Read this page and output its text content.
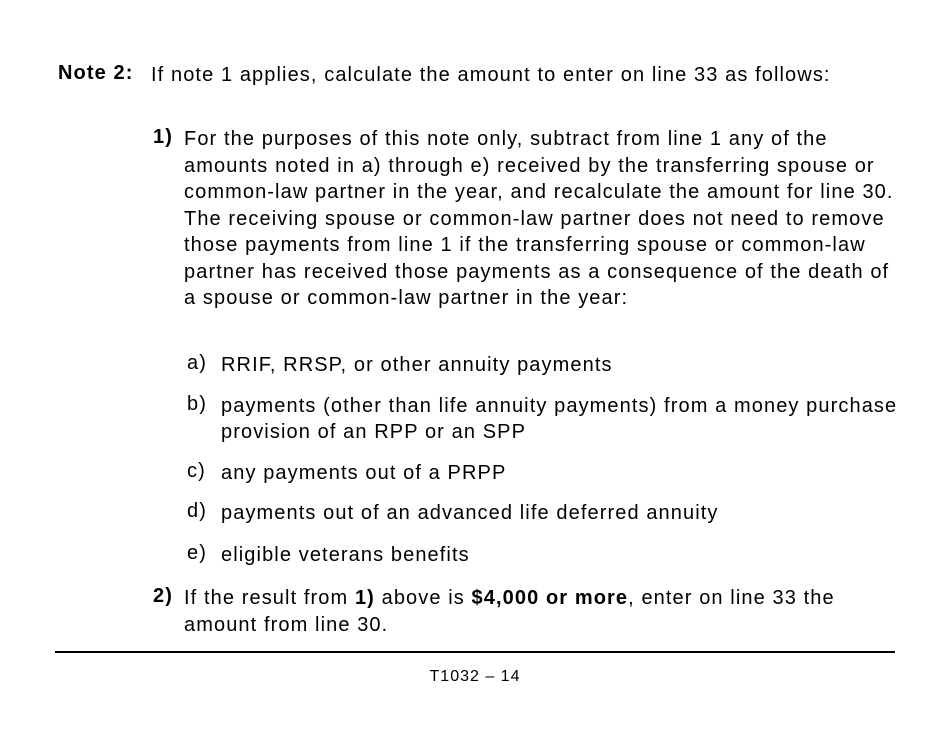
Note 2: If note 1 applies, calculate the amount to enter on line 33 as follows:
1) For the purposes of this note only, subtract from line 1 any of the amounts noted in a) through e) received by the transferring spouse or common-law partner in the year, and recalculate the amount for line 30. The receiving spouse or common-law partner does not need to remove those payments from line 1 if the transferring spouse or common-law partner has received those payments as a consequence of the death of a spouse or common-law partner in the year:
a) RRIF, RRSP, or other annuity payments
b) payments (other than life annuity payments) from a money purchase provision of an RPP or an SPP
c) any payments out of a PRPP
d) payments out of an advanced life deferred annuity
e) eligible veterans benefits
2) If the result from 1) above is $4,000 or more, enter on line 33 the amount from line 30.
T1032 – 14
